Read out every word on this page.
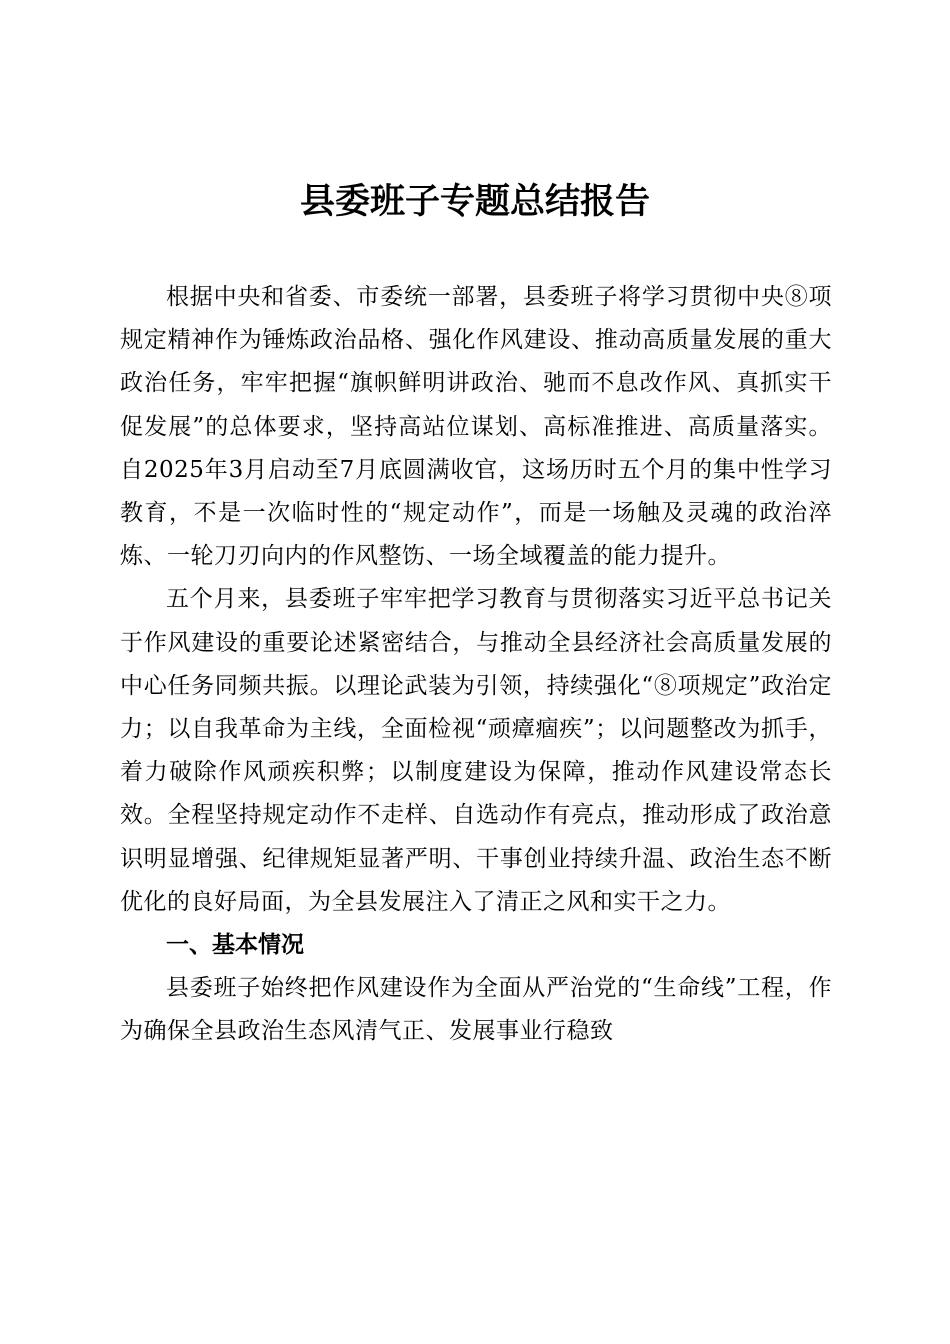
县委班子专题总结报告

根据中央和省委、市委统一部署，县委班子将学习贯彻中央⑧项规定精神作为锤炼政治品格、强化作风建设、推动高质量发展的重大政治任务，牢牢把握“旗帜鲜明讲政治、驰而不息改作风、真抓实干促发展”的总体要求，坚持高站位谋划、高标准推进、高质量落实。自2025年3月启动至7月底圆满收官，这场历时五个月的集中性学习教育，不是一次临时性的“规定动作”，而是一场触及灵魂的政治淬炼、一轮刀刃向内的作风整饬、一场全域覆盖的能力提升。

五个月来，县委班子牢牢把学习教育与贯彻落实习近平总书记关于作风建设的重要论述紧密结合，与推动全县经济社会高质量发展的中心任务同频共振。以理论武装为引领，持续强化“⑧项规定”政治定力；以自我革命为主线，全面检视“顽瘴痼疾”；以问题整改为抓手，着力破除作风顽疾积弊；以制度建设为保障，推动作风建设常态长效。全程坚持规定动作不走样、自选动作有亮点，推动形成了政治意识明显增强、纪律规矩显著严明、干事创业持续升温、政治生态不断优化的良好局面，为全县发展注入了清正之风和实干之力。

一、基本情况

县委班子始终把作风建设作为全面从严治党的“生命线”工程，作为确保全县政治生态风清气正、发展事业行稳致
